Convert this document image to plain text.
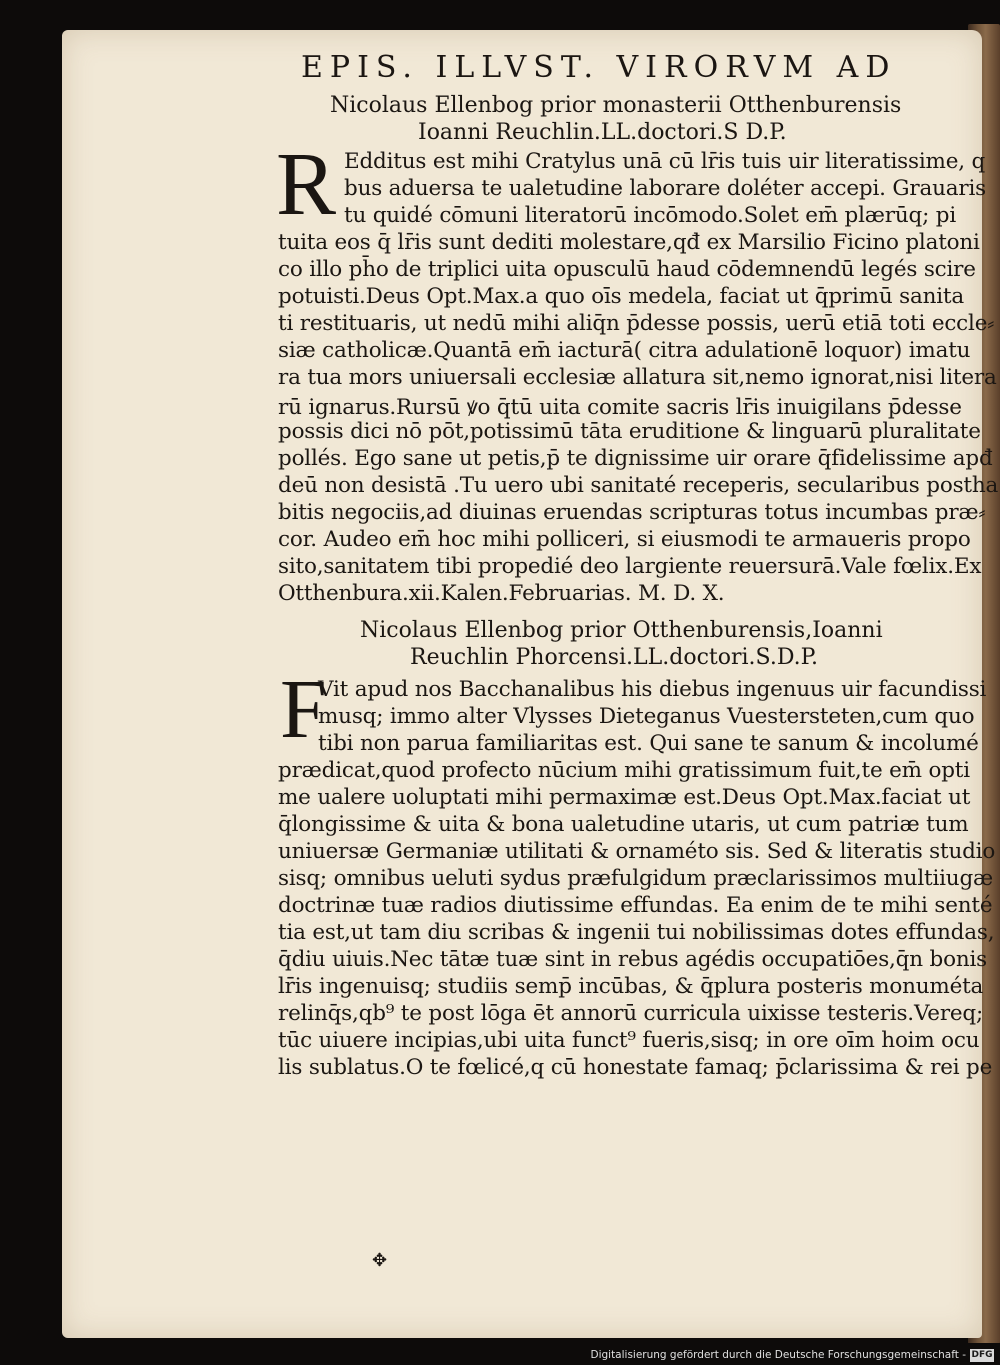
EPIS. ILLVST. VIRORVM AD
Nicolaus Ellenbog prior monasterii Otthenburensis
Ioanni Reuchlin.LL.doctori.S D.P.
R Edditus est mihi Cratylus unā cū lr̄is tuis uir literatissime, q
bus aduersa te ualetudine laborare doléter accepi. Grauaris
tu quidé cōmuni literatorū incōmodo.Solet em̄ plærūq; pi
tuita eos q̄ lr̄is sunt dediti molestare,qđ ex Marsilio Ficino platoni
co illo ph̄o de triplici uita opusculū haud cōdemnendū legés scire
potuisti.Deus Opt.Max.a quo oīs medela, faciat ut q̄primū sanita
ti restituaris, ut nedū mihi aliq̄n p̄desse possis, uerū etiā toti eccle⸗
siæ catholicæ.Quantā em̄ iacturā( citra adulationē loquor) imatu
ra tua mors uniuersali ecclesiæ allatura sit,nemo ignorat,nisi litera
rū ignarus.Rursū ꝟo q̄tū uita comite sacris lr̄is inuigilans p̄desse
possis dici nō pōt,potissimū tāta eruditione & linguarū pluralitate
pollés. Ego sane ut petis,p̄ te dignissime uir orare q̄fidelissime apđ
deū non desistā .Tu uero ubi sanitaté receperis, secularibus postha
bitis negociis,ad diuinas eruendas scripturas totus incumbas præ⸗
cor. Audeo em̄ hoc mihi polliceri, si eiusmodi te armaueris propo
sito,sanitatem tibi propedié deo largiente reuersurā.Vale fœlix.Ex
Otthenbura.xii.Kalen.Februarias. M. D. X.
Nicolaus Ellenbog prior Otthenburensis,Ioanni
Reuchlin Phorcensi.LL.doctori.S.D.P.
F
Vit apud nos Bacchanalibus his diebus ingenuus uir facundissi
musq; immo alter Vlysses Dieteganus Vuestersteten,cum quo
tibi non parua familiaritas est. Qui sane te sanum & incolumé
prædicat,quod profecto nūcium mihi gratissimum fuit,te em̄ opti
me ualere uoluptati mihi permaximæ est.Deus Opt.Max.faciat ut
q̄longissime & uita & bona ualetudine utaris, ut cum patriæ tum
uniuersæ Germaniæ utilitati & ornaméto sis. Sed & literatis studio
sisq; omnibus ueluti sydus præfulgidum præclarissimos multiiugæ
doctrinæ tuæ radios diutissime effundas. Ea enim de te mihi senté
tia est,ut tam diu scribas & ingenii tui nobilissimas dotes effundas,
q̄diu uiuis.Nec tātæ tuæ sint in rebus agédis occupatiōes,q̄n bonis
lr̄is ingenuisq; studiis semp̄ incūbas, & q̄plura posteris monuméta
relinq̄s,qb⁹ te post lōga ēt annorū curricula uixisse testeris.Vereq;
tūc uiuere incipias,ubi uita funct⁹ fueris,sisq; in ore oīm hoim ocu
lis sublatus.O te fœlicé,q cū honestate famaq; p̄clarissima & rei pe
✥
Digitalisierung gefördert durch die Deutsche Forschungsgemeinschaft - DFG
